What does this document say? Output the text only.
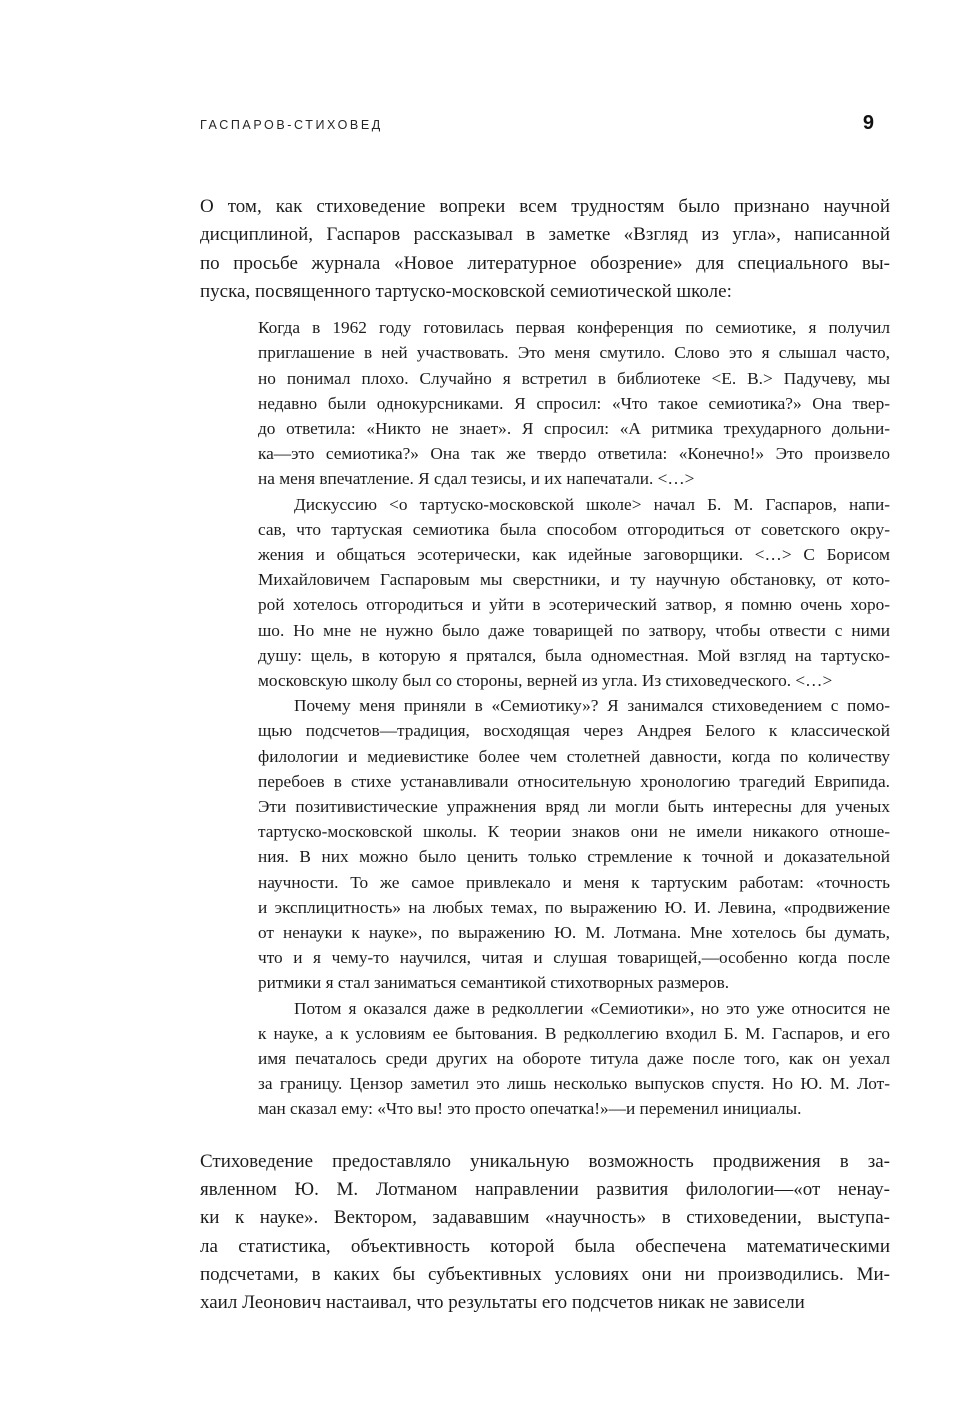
ГАСПАРОВ-СТИХОВЕД	9
О том, как стиховедение вопреки всем трудностям было признано научной
дисциплиной, Гаспаров рассказывал в заметке «Взгляд из угла», написанной
по просьбе журнала «Новое литературное обозрение» для специального вы-
пуска, посвященного тартуско-московской семиотической школе:
Когда в 1962 году готовилась первая конференция по семиотике, я получил
приглашение в ней участвовать. Это меня смутило. Слово это я слышал часто,
но понимал плохо. Случайно я встретил в библиотеке <Е. В.> Падучеву, мы
недавно были однокурсниками. Я спросил: «Что такое семиотика?» Она твер-
до ответила: «Никто не знает». Я спросил: «А ритмика трехударного дольни-
ка—это семиотика?» Она так же твердо ответила: «Конечно!» Это произвело
на меня впечатление. Я сдал тезисы, и их напечатали. <…>
Дискуссию <о тартуско-московской школе> начал Б. М. Гаспаров, напи-
сав, что тартуская семиотика была способом отгородиться от советского окру-
жения и общаться эсотерически, как идейные заговорщики. <…> С Борисом
Михайловичем Гаспаровым мы сверстники, и ту научную обстановку, от кото-
рой хотелось отгородиться и уйти в эсотерический затвор, я помню очень хоро-
шо. Но мне не нужно было даже товарищей по затвору, чтобы отвести с ними
душу: щель, в которую я прятался, была одноместная. Мой взгляд на тартуско-
московскую школу был со стороны, верней из угла. Из стиховедческого. <…>
Почему меня приняли в «Семиотику»? Я занимался стиховедением с помо-
щью подсчетов—традиция, восходящая через Андрея Белого к классической
филологии и медиевистике более чем столетней давности, когда по количеству
перебоев в стихе устанавливали относительную хронологию трагедий Еврипида.
Эти позитивистические упражнения вряд ли могли быть интересны для ученых
тартуско-московской школы. К теории знаков они не имели никакого отноше-
ния. В них можно было ценить только стремление к точной и доказательной
научности. То же самое привлекало и меня к тартуским работам: «точность
и эксплицитность» на любых темах, по выражению Ю. И. Левина, «продвижение
от ненауки к науке», по выражению Ю. М. Лотмана. Мне хотелось бы думать,
что и я чему-то научился, читая и слушая товарищей,—особенно когда после
ритмики я стал заниматься семантикой стихотворных размеров.
Потом я оказался даже в редколлегии «Семиотики», но это уже относится не
к науке, а к условиям ее бытования. В редколлегию входил Б. М. Гаспаров, и его
имя печаталось среди других на обороте титула даже после того, как он уехал
за границу. Цензор заметил это лишь несколько выпусков спустя. Но Ю. М. Лот-
ман сказал ему: «Что вы! это просто опечатка!»—и переменил инициалы.
Стиховедение предоставляло уникальную возможность продвижения в за-
явленном Ю. М. Лотманом направлении развития филологии—«от ненау-
ки к науке». Вектором, задававшим «научность» в стиховедении, выступа-
ла статистика, объективность которой была обеспечена математическими
подсчетами, в каких бы субъективных условиях они ни производились. Ми-
хаил Леонович настаивал, что результаты его подсчетов никак не зависели
